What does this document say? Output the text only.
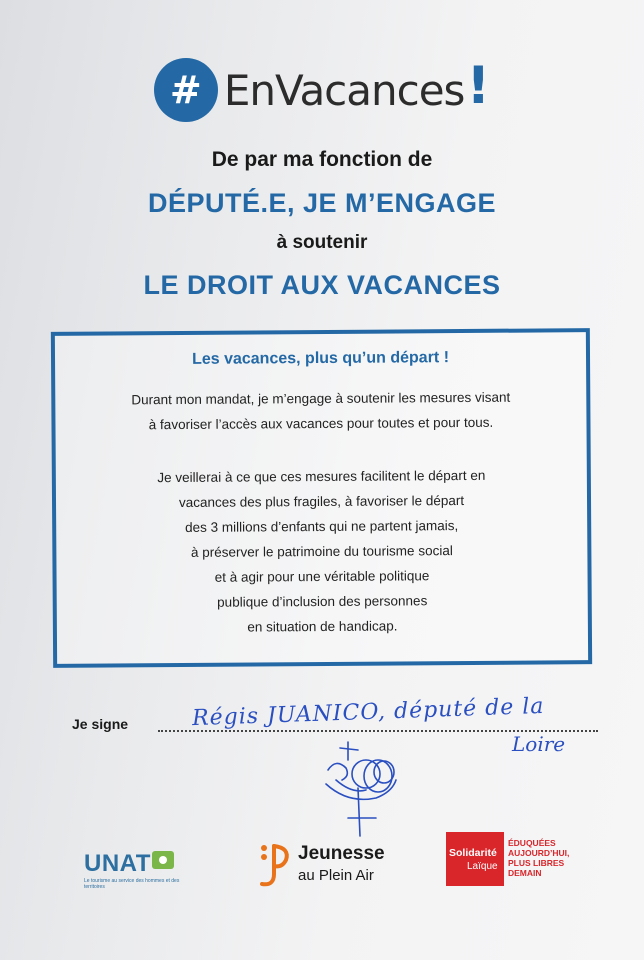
# EnVacances !
De par ma fonction de
DÉPUTÉ.E, JE M’ENGAGE
à soutenir
LE DROIT AUX VACANCES
Les vacances, plus qu’un départ !
Durant mon mandat, je m’engage à soutenir les mesures visant
à favoriser l’accès aux vacances pour toutes et pour tous.
Je veillerai à ce que ces mesures facilitent le départ en
vacances des plus fragiles, à favoriser le départ
des 3 millions d’enfants qui ne partent jamais,
à préserver le patrimoine du tourisme social
et à agir pour une véritable politique
publique d’inclusion des personnes
en situation de handicap.
Je signe	Régis JUANICO, député de la
Loire
UNAT
Le tourisme au service des hommes et des territoires
Jeunesse
au Plein Air
Solidarité
Laïque
ÉDUQUÉES
AUJOURD’HUI,
PLUS LIBRES
DEMAIN
